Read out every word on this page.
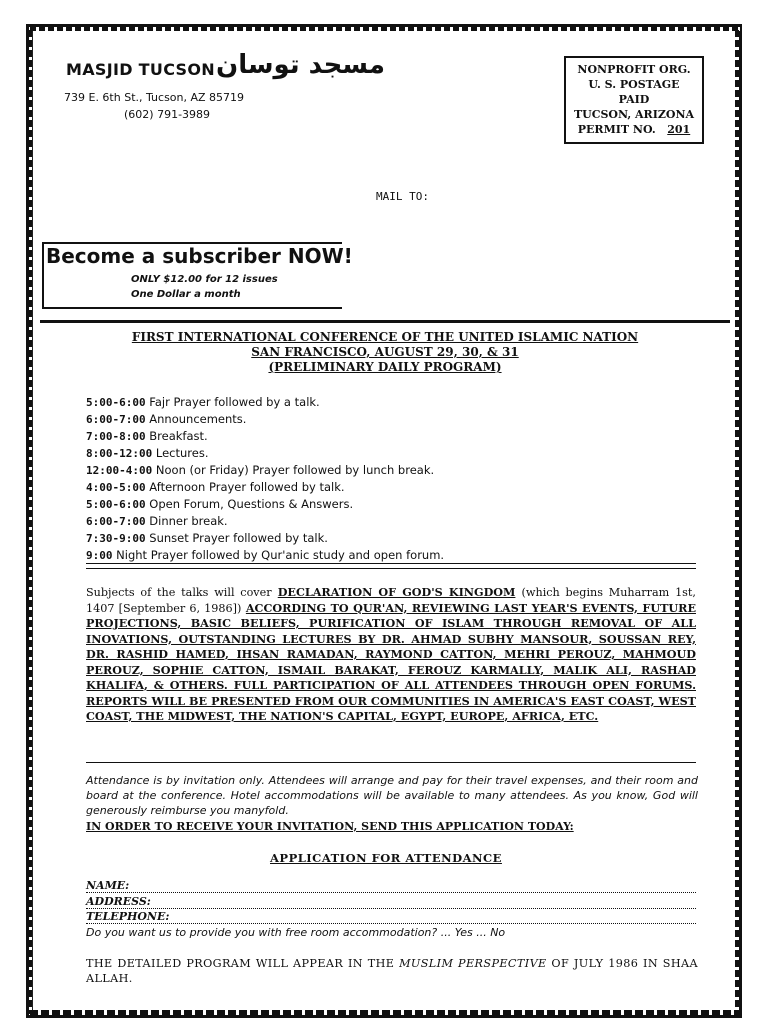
MASJID TUCSON مسجد توسان
739 E. 6th St., Tucson, AZ 85719
(602) 791-3989
NONPROFIT ORG.
U. S. POSTAGE
PAID
TUCSON, ARIZONA
PERMIT NO. 201
MAIL TO:
Become a subscriber NOW!
ONLY $12.00 for 12 issues
One Dollar a month
FIRST INTERNATIONAL CONFERENCE OF THE UNITED ISLAMIC NATION
SAN FRANCISCO, AUGUST 29, 30, & 31
(PRELIMINARY DAILY PROGRAM)
5:00-6:00 Fajr Prayer followed by a talk.
6:00-7:00 Announcements.
7:00-8:00 Breakfast.
8:00-12:00 Lectures.
12:00-4:00 Noon (or Friday) Prayer followed by lunch break.
4:00-5:00 Afternoon Prayer followed by talk.
5:00-6:00 Open Forum, Questions & Answers.
6:00-7:00 Dinner break.
7:30-9:00 Sunset Prayer followed by talk.
9:00 Night Prayer followed by Qur'anic study and open forum.
Subjects of the talks will cover DECLARATION OF GOD'S KINGDOM (which begins Muharram 1st, 1407 [September 6, 1986]) ACCORDING TO QUR'AN, REVIEWING LAST YEAR'S EVENTS, FUTURE PROJECTIONS, BASIC BELIEFS, PURIFICATION OF ISLAM THROUGH REMOVAL OF ALL INOVATIONS, OUTSTANDING LECTURES BY DR. AHMAD SUBHY MANSOUR, SOUSSAN REY, DR. RASHID HAMED, IHSAN RAMADAN, RAYMOND CATTON, MEHRI PEROUZ, MAHMOUD PEROUZ, SOPHIE CATTON, ISMAIL BARAKAT, FEROUZ KARMALLY, MALIK ALI, RASHAD KHALIFA, & OTHERS. FULL PARTICIPATION OF ALL ATTENDEES THROUGH OPEN FORUMS. REPORTS WILL BE PRESENTED FROM OUR COMMUNITIES IN AMERICA'S EAST COAST, WEST COAST, THE MIDWEST, THE NATION'S CAPITAL, EGYPT, EUROPE, AFRICA, ETC.
Attendance is by invitation only. Attendees will arrange and pay for their travel expenses, and their room and board at the conference. Hotel accommodations will be available to many attendees. As you know, God will generously reimburse you manyfold.
IN ORDER TO RECEIVE YOUR INVITATION, SEND THIS APPLICATION TODAY:
APPLICATION FOR ATTENDANCE
NAME:
ADDRESS:
TELEPHONE:
Do you want us to provide you with free room accommodation? ... Yes ... No
THE DETAILED PROGRAM WILL APPEAR IN THE MUSLIM PERSPECTIVE OF JULY 1986 IN SHAA ALLAH.
